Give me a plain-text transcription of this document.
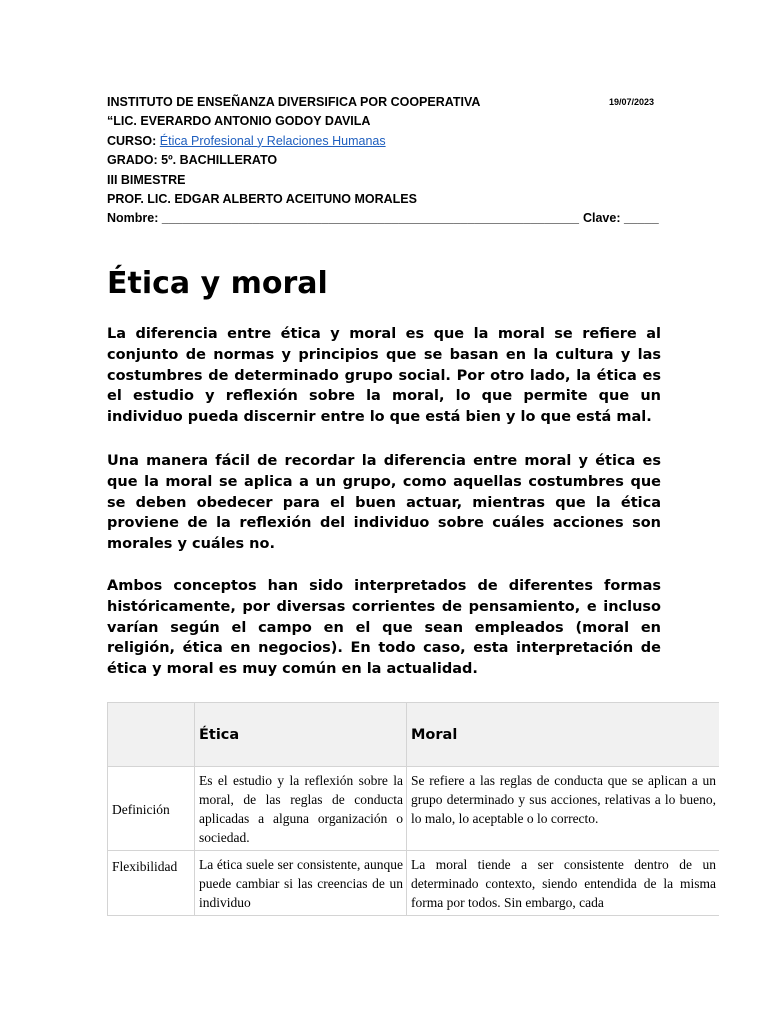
19/07/2023
INSTITUTO DE ENSEÑANZA DIVERSIFICA POR COOPERATIVA
“LIC. EVERARDO ANTONIO GODOY DAVILA
CURSO: Ética Profesional y Relaciones Humanas
GRADO: 5º. BACHILLERATO
III BIMESTRE
PROF. LIC. EDGAR ALBERTO ACEITUNO MORALES
Nombre: ____________________________________________________________ Clave: _____
Ética y moral

La diferencia entre ética y moral es que la moral se refiere al conjunto de normas y principios que se basan en la cultura y las costumbres de determinado grupo social. Por otro lado, la ética es el estudio y reflexión sobre la moral, lo que permite que un individuo pueda discernir entre lo que está bien y lo que está mal.

Una manera fácil de recordar la diferencia entre moral y ética es que la moral se aplica a un grupo, como aquellas costumbres que se deben obedecer para el buen actuar, mientras que la ética proviene de la reflexión del individuo sobre cuáles acciones son morales y cuáles no.

Ambos conceptos han sido interpretados de diferentes formas históricamente, por diversas corrientes de pensamiento, e incluso varían según el campo en el que sean empleados (moral en religión, ética en negocios). En todo caso, esta interpretación de ética y moral es muy común en la actualidad.

	Ética	Moral
Definición	Es el estudio y la reflexión sobre la moral, de las reglas de conducta aplicadas a alguna organización o sociedad.	Se refiere a las reglas de conducta que se aplican a un grupo determinado y sus acciones, relativas a lo bueno, lo malo, lo aceptable o lo correcto.
Flexibilidad	La ética suele ser consistente, aunque puede cambiar si las creencias de un individuo	La moral tiende a ser consistente dentro de un determinado contexto, siendo entendida de la misma forma por todos. Sin embargo, cada
